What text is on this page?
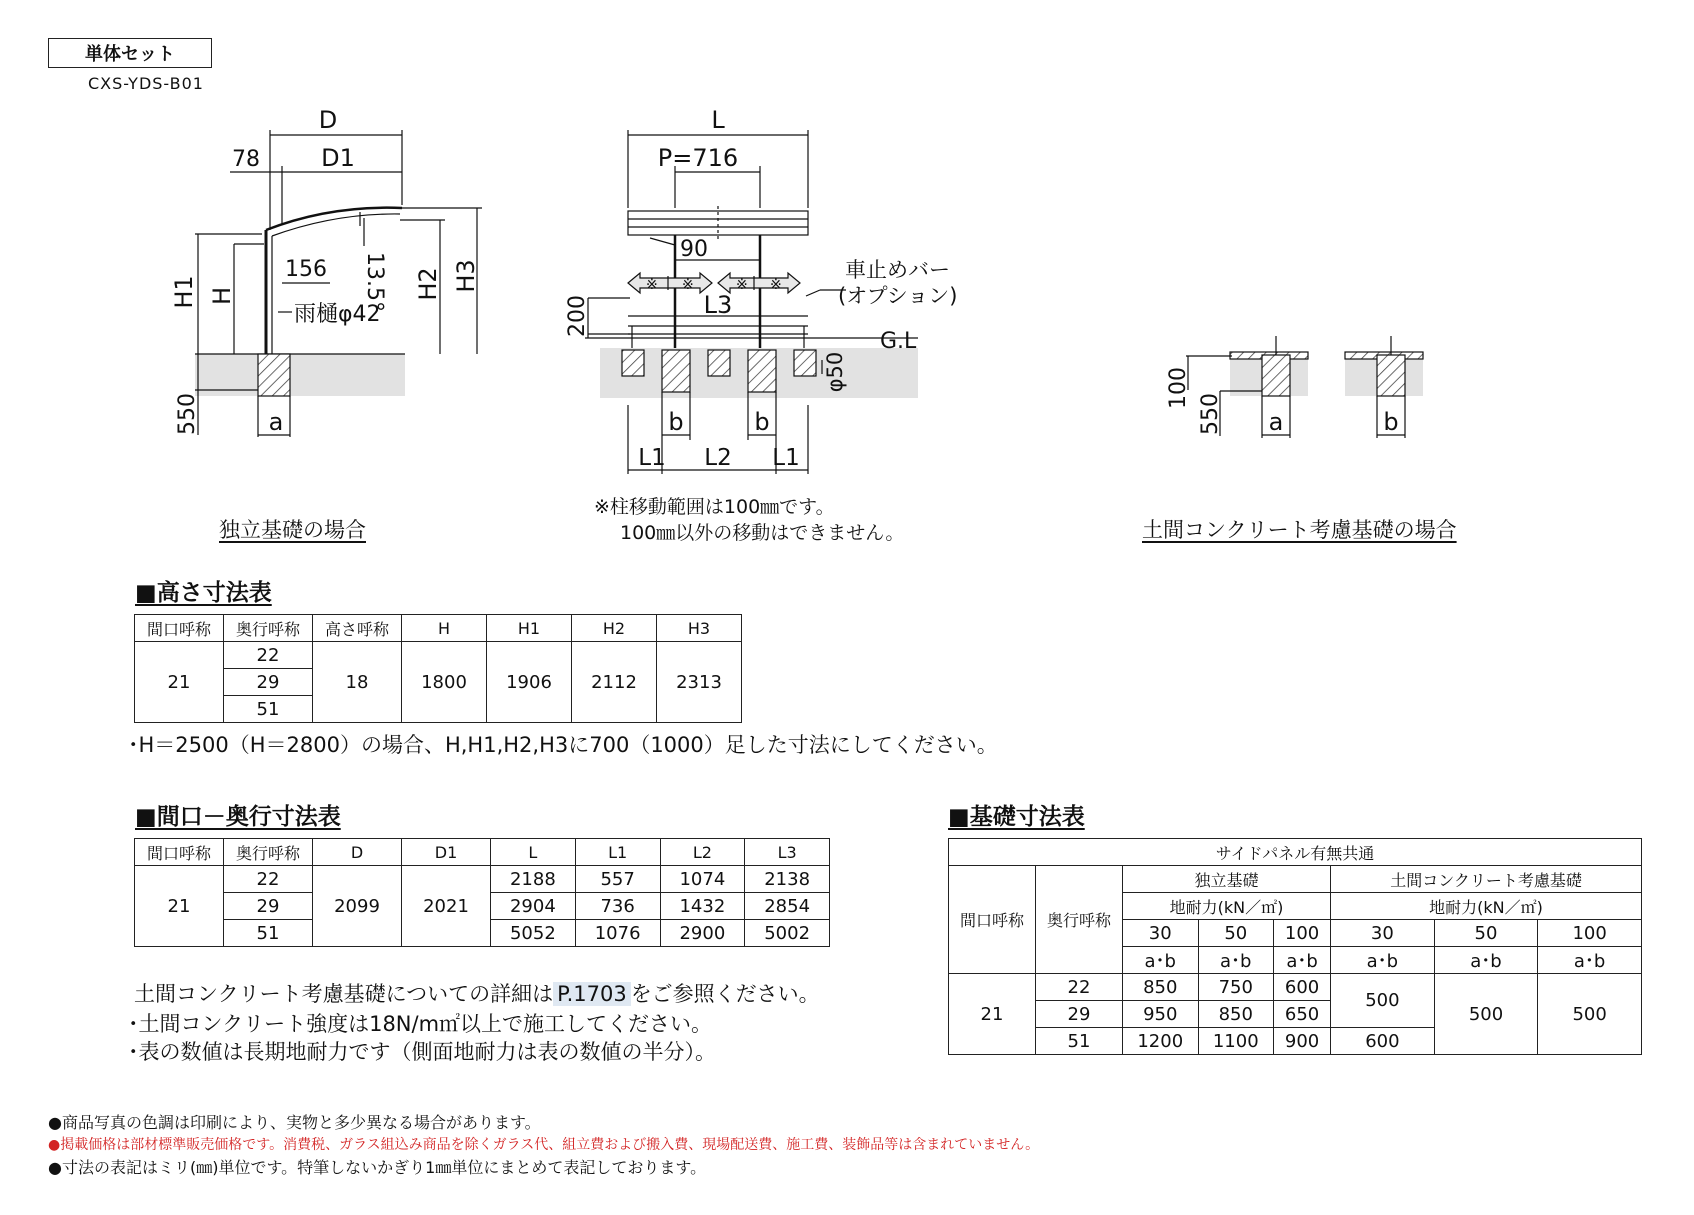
単体セット
CXS-YDS-B01
D
D1
78
156 13.5°
H1 H	H2 H3
雨樋φ42
550	a
L
P=716
90
車止めバー
(オプション)
200	L3
G.L
φ50
b	b
L1 L2 L1
※ ※	※ ※
100
550 a	b
独立基礎の場合
※柱移動範囲は100㎜です。
100㎜以外の移動はできません。	土間コンクリート考慮基礎の場合
■高さ寸法表
間口呼称	奥行呼称	高さ呼称	H	H1	H2	H3
21	22	18	1800	1906	2112	2313
	29					
	51					
･H＝2500（H＝2800）の場合、H,H1,H2,H3に700（1000）足した寸法にしてください。
■間口－奥行寸法表
間口呼称	奥行呼称	D	D1	L	L1	L2	L3
21	22	2099	2021	2188	557	1074	2138
	29			2904	736	1432	2854
	51			5052	1076	2900	5002
土間コンクリート考慮基礎についての詳細は P.1703 をご参照ください。
･土間コンクリート強度は18N/m㎡以上で施工してください。
･表の数値は長期地耐力です（側面地耐力は表の数値の半分）。
■基礎寸法表
サイドパネル有無共通							
間口呼称	奥行呼称	独立基礎			土間コンクリート考慮基礎		
		地耐力(kN／㎡)			地耐力(kN／㎡)		
		30	50	100	30	50	100
		a･b	a･b	a･b	a･b	a･b	a･b
21	22	850	750	600	500	500	500
	29	950	850	650			
	51	1200	1100	900	600		
●商品写真の色調は印刷により、実物と多少異なる場合があります。
●掲載価格は部材標準販売価格です。消費税、ガラス組込み商品を除くガラス代、組立費および搬入費、現場配送費、施工費、装飾品等は含まれていません。
●寸法の表記はミリ(㎜)単位です。特筆しないかぎり1㎜単位にまとめて表記しております。
